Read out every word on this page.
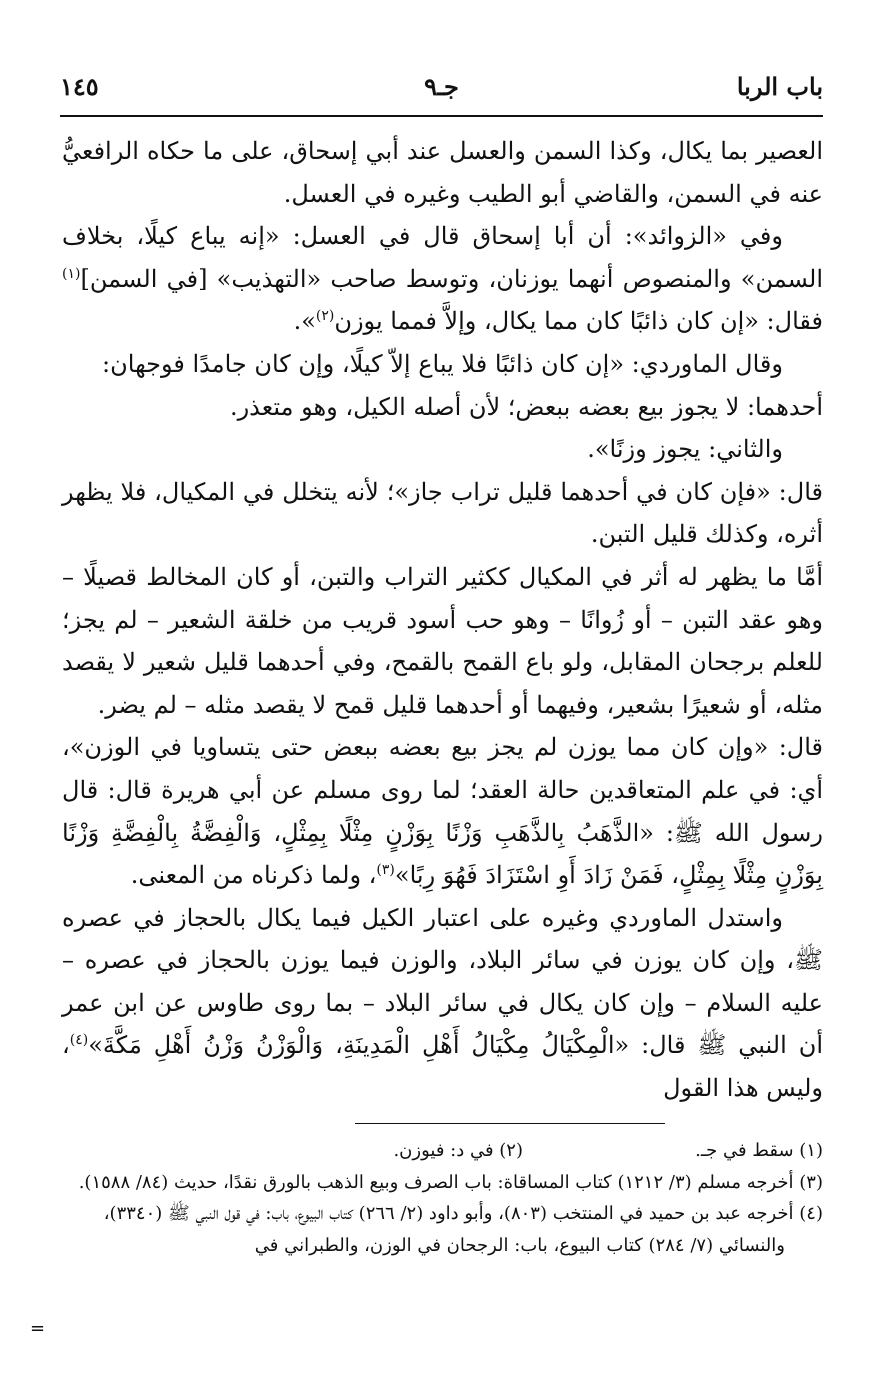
باب الربا
جـ٩
١٤٥

العصير بما يكال، وكذا السمن والعسل عند أبي إسحاق، على ما حكاه الرافعيُّ عنه في السمن، والقاضي أبو الطيب وغيره في العسل.

وفي «الزوائد»: أن أبا إسحاق قال في العسل: «إنه يباع كيلًا، بخلاف السمن» والمنصوص أنهما يوزنان، وتوسط صاحب «التهذيب» [في السمن]$^{(١)}$ فقال: «إن كان ذائبًا كان مما يكال، وإلاَّ فمما يوزن$^{(٢)}$».

وقال الماوردي: «إن كان ذائبًا فلا يباع إلاّ كيلًا، وإن كان جامدًا فوجهان:

أحدهما: لا يجوز بيع بعضه ببعض؛ لأن أصله الكيل، وهو متعذر.

والثاني: يجوز وزنًا».

قال: «فإن كان في أحدهما قليل تراب جاز»؛ لأنه يتخلل في المكيال، فلا يظهر أثره، وكذلك قليل التبن.

أمَّا ما يظهر له أثر في المكيال ككثير التراب والتبن، أو كان المخالط قصيلًا – وهو عقد التبن – أو زُوانًا – وهو حب أسود قريب من خلقة الشعير – لم يجز؛ للعلم برجحان المقابل، ولو باع القمح بالقمح، وفي أحدهما قليل شعير لا يقصد مثله، أو شعيرًا بشعير، وفيهما أو أحدهما قليل قمح لا يقصد مثله – لم يضر.

قال: «وإن كان مما يوزن لم يجز بيع بعضه ببعض حتى يتساويا في الوزن»، أي: في علم المتعاقدين حالة العقد؛ لما روى مسلم عن أبي هريرة قال: قال رسول الله ﷺ: «الذَّهَبُ بِالذَّهَبِ وَزْنًا بِوَزْنٍ مِثْلًا بِمِثْلٍ، وَالْفِضَّةُ بِالْفِضَّةِ وَزْنًا بِوَزْنٍ مِثْلًا بِمِثْلٍ، فَمَنْ زَادَ أَوِ اسْتَزَادَ فَهُوَ رِبًا»$^{(٣)}$، ولما ذكرناه من المعنى.

واستدل الماوردي وغيره على اعتبار الكيل فيما يكال بالحجاز في عصره ﷺ، وإن كان يوزن في سائر البلاد، والوزن فيما يوزن بالحجاز في عصره – عليه السلام – وإن كان يكال في سائر البلاد – بما روى طاوس عن ابن عمر أن النبي ﷺ قال: «الْمِكْيَالُ مِكْيَالُ أَهْلِ الْمَدِينَةِ، وَالْوَزْنُ وَزْنُ أَهْلِ مَكَّةَ»$^{(٤)}$، وليس هذا القول

(١) سقط في جـ.
(٢) في د: فيوزن.

(٣) أخرجه مسلم (٣/ ١٢١٢) كتاب المساقاة: باب الصرف وبيع الذهب بالورق نقدًا، حديث (٨٤/ ١٥٨٨).

(٤) أخرجه عبد بن حميد في المنتخب (٨٠٣)، وأبو داود (٢/ ٢٦٦) كتاب البيوع، باب: في قول النبي ﷺ (٣٣٤٠)، والنسائي (٧/ ٢٨٤) كتاب البيوع، باب: الرجحان في الوزن، والطبراني في

=
